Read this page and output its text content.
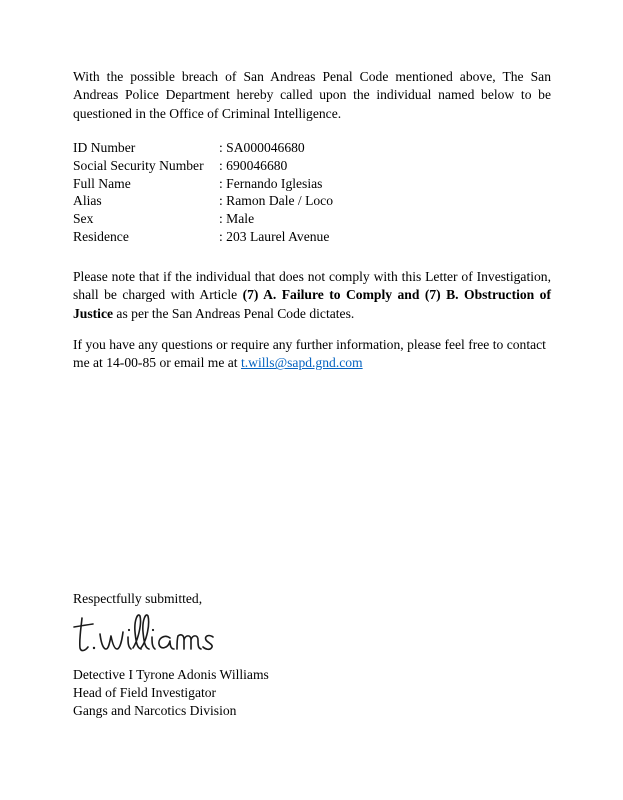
With the possible breach of San Andreas Penal Code mentioned above, The San Andreas Police Department hereby called upon the individual named below to be questioned in the Office of Criminal Intelligence.

ID Number	: SA000046680
Social Security Number	: 690046680
Full Name	: Fernando Iglesias
Alias	: Ramon Dale / Loco
Sex	: Male
Residence	: 203 Laurel Avenue

Please note that if the individual that does not comply with this Letter of Investigation, shall be charged with Article (7) A. Failure to Comply and (7) B. Obstruction of Justice as per the San Andreas Penal Code dictates.

If you have any questions or require any further information, please feel free to contact me at 14-00-85 or email me at t.wills@sapd.gnd.com

Respectfully submitted,

Detective I Tyrone Adonis Williams
Head of Field Investigator
Gangs and Narcotics Division
